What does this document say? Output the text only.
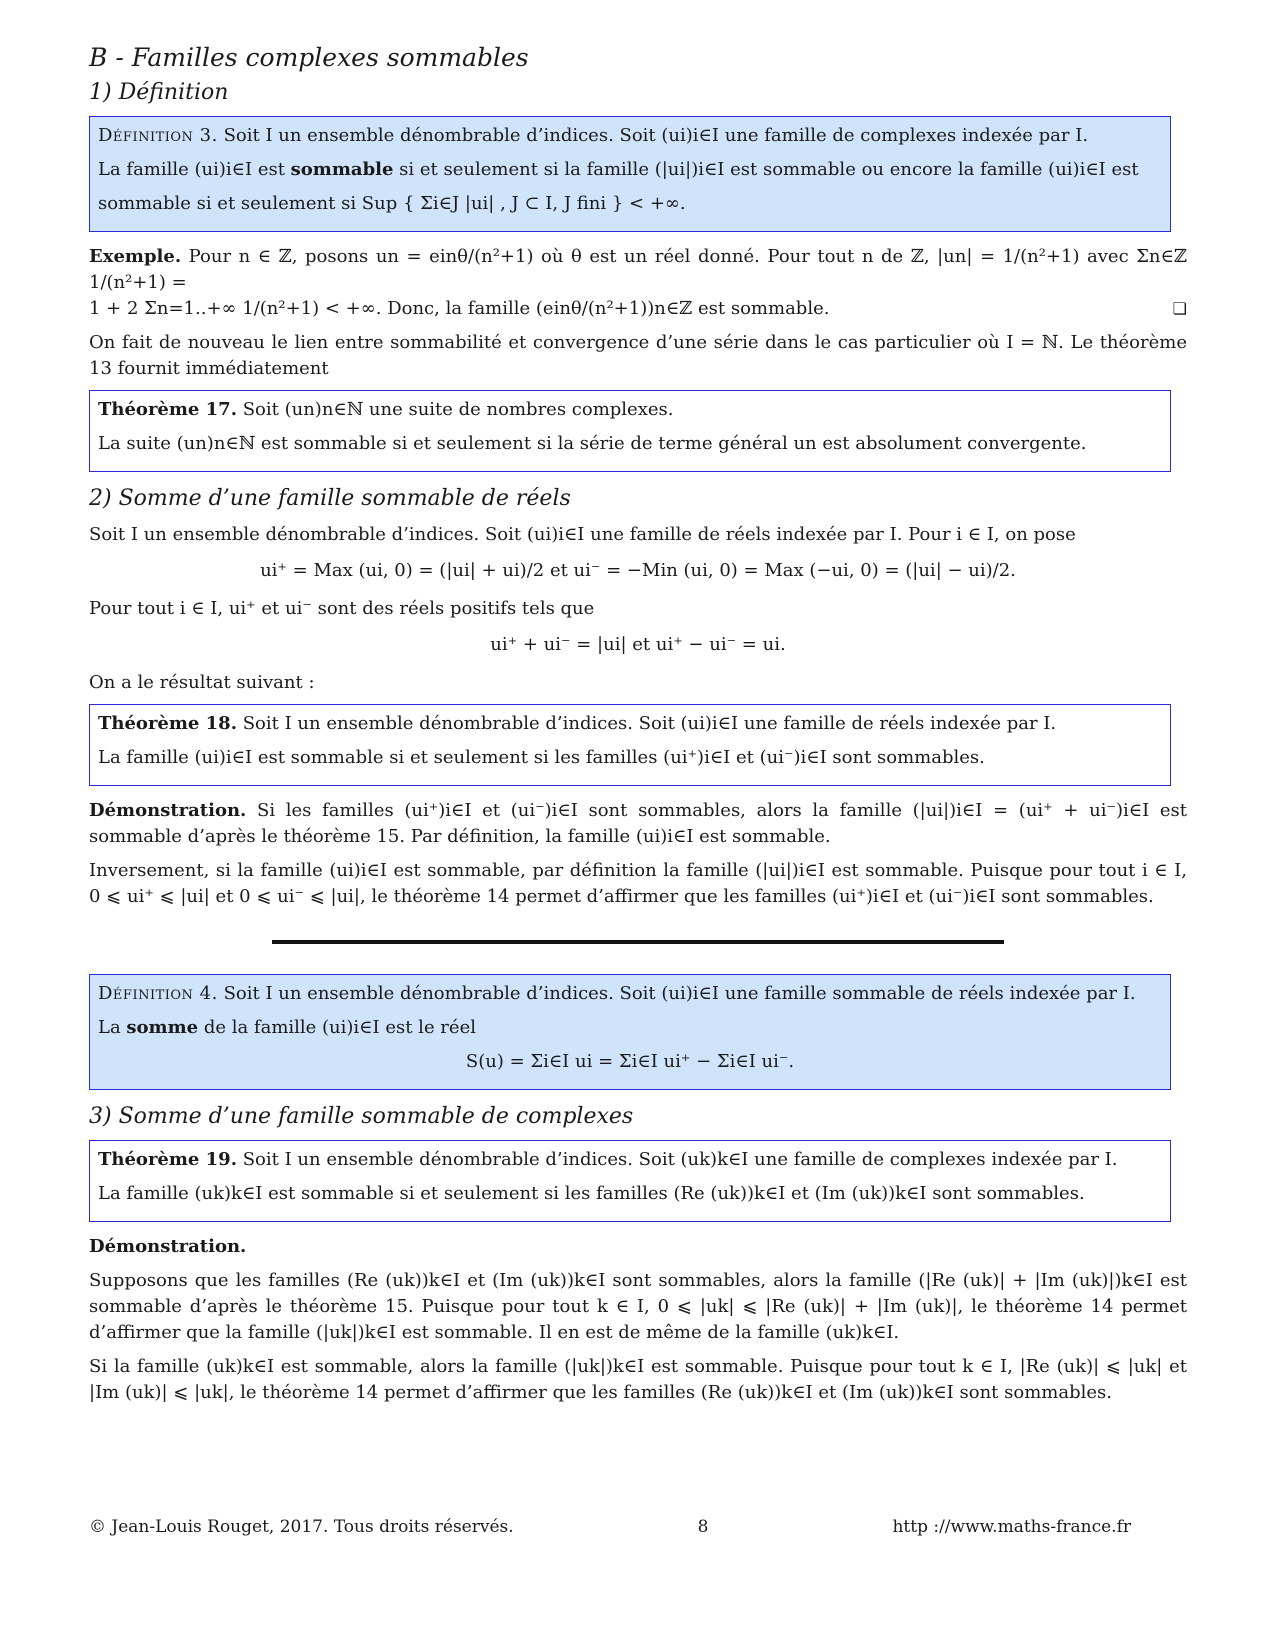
B - Familles complexes sommables
1) Définition

Définition 3. Soit I un ensemble dénombrable d’indices. Soit (ui)i∈I une famille de complexes indexée par I.

La famille (ui)i∈I est sommable si et seulement si la famille (|ui|)i∈I est sommable ou encore la famille (ui)i∈I est

sommable si et seulement si Sup { Σi∈J |ui| , J ⊂ I, J fini } < +∞.

Exemple. Pour n ∈ ℤ, posons un = einθ/(n²+1) où θ est un réel donné. Pour tout n de ℤ, |un| = 1/(n²+1) avec Σn∈ℤ 1/(n²+1) =
1 + 2 Σn=1..+∞ 1/(n²+1) < +∞. Donc, la famille (einθ/(n²+1))n∈ℤ est sommable.	❏

On fait de nouveau le lien entre sommabilité et convergence d’une série dans le cas particulier où I = ℕ. Le théorème 13 fournit immédiatement

Théorème 17. Soit (un)n∈ℕ une suite de nombres complexes.

La suite (un)n∈ℕ est sommable si et seulement si la série de terme général un est absolument convergente.

2) Somme d’une famille sommable de réels

Soit I un ensemble dénombrable d’indices. Soit (ui)i∈I une famille de réels indexée par I. Pour i ∈ I, on pose

ui⁺ = Max (ui, 0) = (|ui| + ui)/2 et ui⁻ = −Min (ui, 0) = Max (−ui, 0) = (|ui| − ui)/2.

Pour tout i ∈ I, ui⁺ et ui⁻ sont des réels positifs tels que

ui⁺ + ui⁻ = |ui| et ui⁺ − ui⁻ = ui.

On a le résultat suivant :

Théorème 18. Soit I un ensemble dénombrable d’indices. Soit (ui)i∈I une famille de réels indexée par I.

La famille (ui)i∈I est sommable si et seulement si les familles (ui⁺)i∈I et (ui⁻)i∈I sont sommables.

Démonstration. Si les familles (ui⁺)i∈I et (ui⁻)i∈I sont sommables, alors la famille (|ui|)i∈I = (ui⁺ + ui⁻)i∈I est sommable d’après le théorème 15. Par définition, la famille (ui)i∈I est sommable.

Inversement, si la famille (ui)i∈I est sommable, par définition la famille (|ui|)i∈I est sommable. Puisque pour tout i ∈ I, 0 ⩽ ui⁺ ⩽ |ui| et 0 ⩽ ui⁻ ⩽ |ui|, le théorème 14 permet d’affirmer que les familles (ui⁺)i∈I et (ui⁻)i∈I sont sommables.

Définition 4. Soit I un ensemble dénombrable d’indices. Soit (ui)i∈I une famille sommable de réels indexée par I.

La somme de la famille (ui)i∈I est le réel

S(u) = Σi∈I ui = Σi∈I ui⁺ − Σi∈I ui⁻.

3) Somme d’une famille sommable de complexes

Théorème 19. Soit I un ensemble dénombrable d’indices. Soit (uk)k∈I une famille de complexes indexée par I.

La famille (uk)k∈I est sommable si et seulement si les familles (Re (uk))k∈I et (Im (uk))k∈I sont sommables.

Démonstration.

Supposons que les familles (Re (uk))k∈I et (Im (uk))k∈I sont sommables, alors la famille (|Re (uk)| + |Im (uk)|)k∈I est sommable d’après le théorème 15. Puisque pour tout k ∈ I, 0 ⩽ |uk| ⩽ |Re (uk)| + |Im (uk)|, le théorème 14 permet d’affirmer que la famille (|uk|)k∈I est sommable. Il en est de même de la famille (uk)k∈I.

Si la famille (uk)k∈I est sommable, alors la famille (|uk|)k∈I est sommable. Puisque pour tout k ∈ I, |Re (uk)| ⩽ |uk| et |Im (uk)| ⩽ |uk|, le théorème 14 permet d’affirmer que les familles (Re (uk))k∈I et (Im (uk))k∈I sont sommables.

© Jean-Louis Rouget, 2017. Tous droits réservés.	8	http ://www.maths-france.fr
